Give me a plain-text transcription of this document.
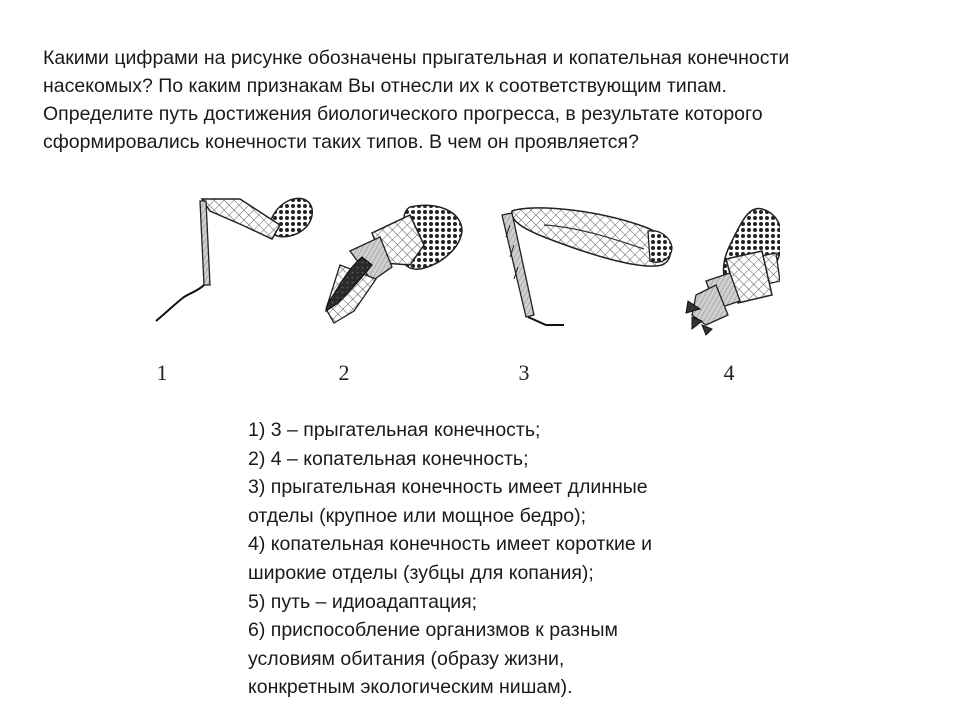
Какими цифрами на рисунке обозначены прыгательная и копательная конечности
насекомых? По каким признакам Вы отнесли их к соответствующим типам.
Определите путь достижения биологического прогресса, в результате которого
сформировались конечности таких типов. В чем он проявляется?
1	2	3	4
1) 3 – прыгательная конечность;
2) 4 – копательная конечность;
3) прыгательная конечность имеет длинные
отделы (крупное или мощное бедро);
4) копательная конечность имеет короткие и
широкие отделы (зубцы для копания);
5) путь – идиоадаптация;
6) приспособление организмов к разным
условиям обитания (образу жизни,
конкретным экологическим нишам).
